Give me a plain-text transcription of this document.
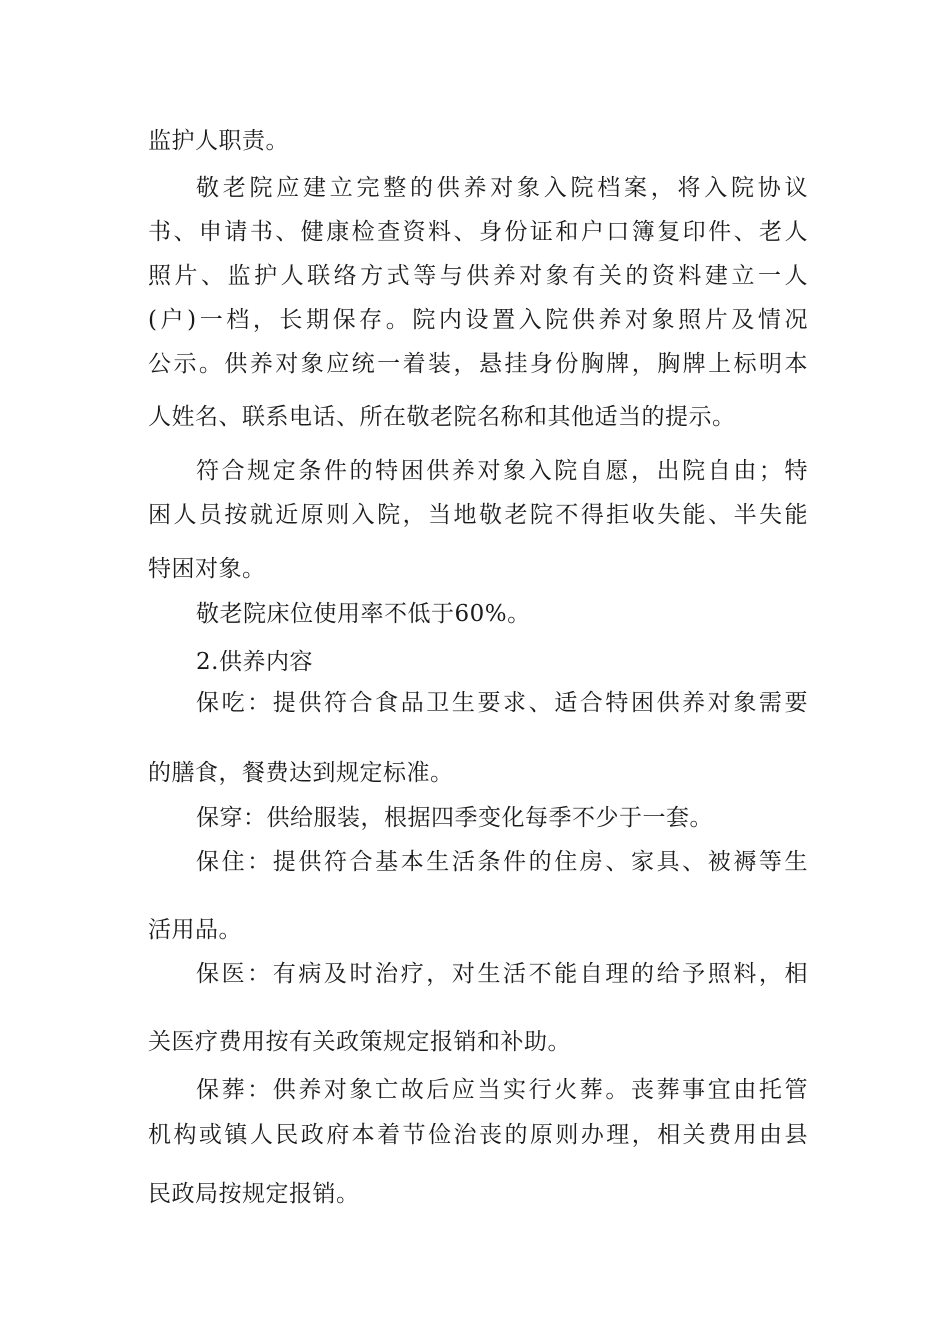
监护人职责。
敬老院应建立完整的供养对象入院档案，将入院协议
书、申请书、健康检查资料、身份证和户口簿复印件、老人
照片、监护人联络方式等与供养对象有关的资料建立一人
(户)一档，长期保存。院内设置入院供养对象照片及情况
公示。供养对象应统一着装，悬挂身份胸牌，胸牌上标明本
人姓名、联系电话、所在敬老院名称和其他适当的提示。
符合规定条件的特困供养对象入院自愿，出院自由；特
困人员按就近原则入院，当地敬老院不得拒收失能、半失能
特困对象。
敬老院床位使用率不低于60%。
2.供养内容
保吃：提供符合食品卫生要求、适合特困供养对象需要
的膳食，餐费达到规定标准。
保穿：供给服装，根据四季变化每季不少于一套。
保住：提供符合基本生活条件的住房、家具、被褥等生
活用品。
保医：有病及时治疗，对生活不能自理的给予照料，相
关医疗费用按有关政策规定报销和补助。
保葬：供养对象亡故后应当实行火葬。丧葬事宜由托管
机构或镇人民政府本着节俭治丧的原则办理，相关费用由县
民政局按规定报销。
